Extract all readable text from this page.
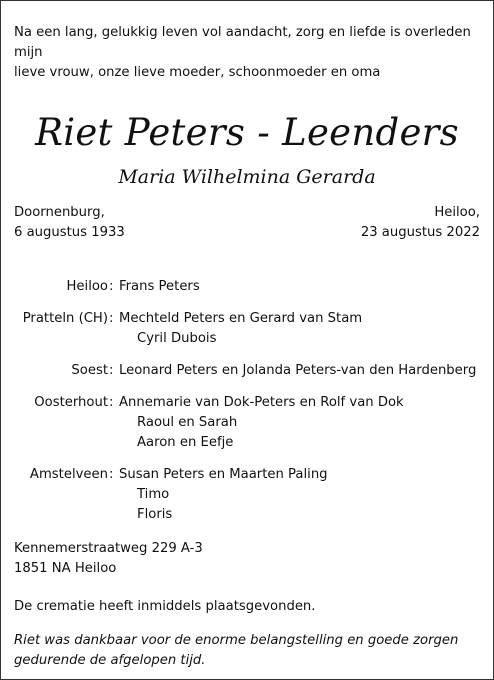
Na een lang, gelukkig leven vol aandacht, zorg en liefde is overleden mijn
lieve vrouw, onze lieve moeder, schoonmoeder en oma

Riet Peters - Leenders
Maria Wilhelmina Gerarda
Doornenburg,
6 augustus 1933
Heiloo,
23 augustus 2022
Heiloo : Frans Peters
Pratteln (CH) : Mechteld Peters en Gerard van Stam
Cyril Dubois
Soest : Leonard Peters en Jolanda Peters-van den Hardenberg
Oosterhout : Annemarie van Dok-Peters en Rolf van Dok
Raoul en Sarah
Aaron en Eefje
Amstelveen : Susan Peters en Maarten Paling
Timo
Floris
Kennemerstraatweg 229 A-3
1851 NA Heiloo
De crematie heeft inmiddels plaatsgevonden.
Riet was dankbaar voor de enorme belangstelling en goede zorgen
gedurende de afgelopen tijd.
